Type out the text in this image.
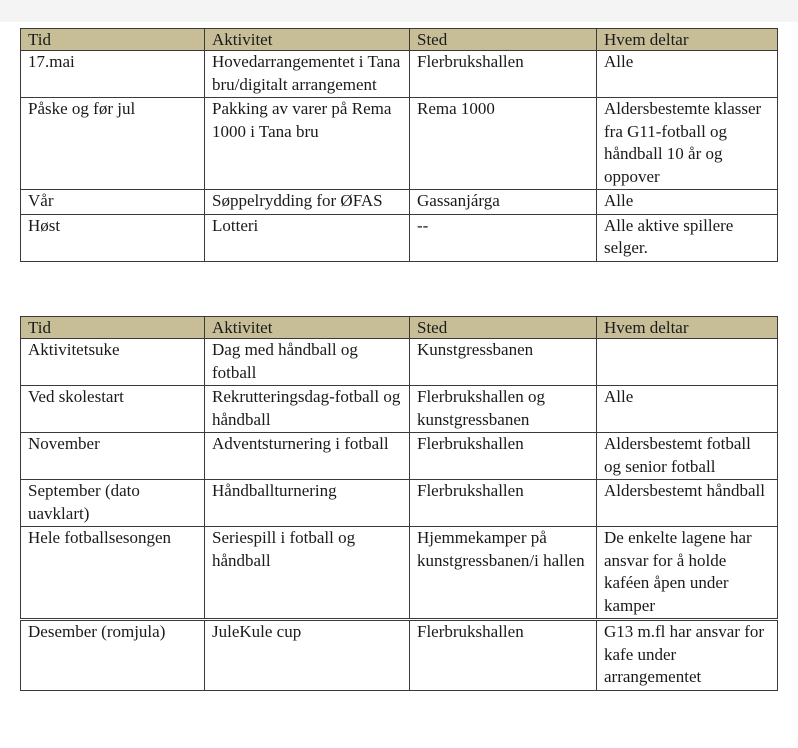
Tid	Aktivitet	Sted	Hvem deltar
17.mai	Hovedarrangementet i Tana bru/digitalt arrangement	Flerbrukshallen	Alle
Påske og før jul	Pakking av varer på Rema 1000 i Tana bru	Rema 1000	Aldersbestemte klasser fra G11-fotball og håndball 10 år og oppover
Vår	Søppelrydding for ØFAS	Gassanjárga	Alle
Høst	Lotteri	--	Alle aktive spillere selger.
Tid	Aktivitet	Sted	Hvem deltar
Aktivitetsuke	Dag med håndball og fotball	Kunstgressbanen	
Ved skolestart	Rekrutteringsdag-fotball og håndball	Flerbrukshallen og kunstgressbanen	Alle
November	Adventsturnering i fotball	Flerbrukshallen	Aldersbestemt fotball og senior fotball
September (dato uavklart)	Håndballturnering	Flerbrukshallen	Aldersbestemt håndball
Hele fotballsesongen	Seriespill i fotball og håndball	Hjemmekamper på kunstgressbanen/i hallen	De enkelte lagene har ansvar for å holde kaféen åpen under kamper
Desember (romjula)	JuleKule cup	Flerbrukshallen	G13 m.fl har ansvar for kafe under arrangementet
